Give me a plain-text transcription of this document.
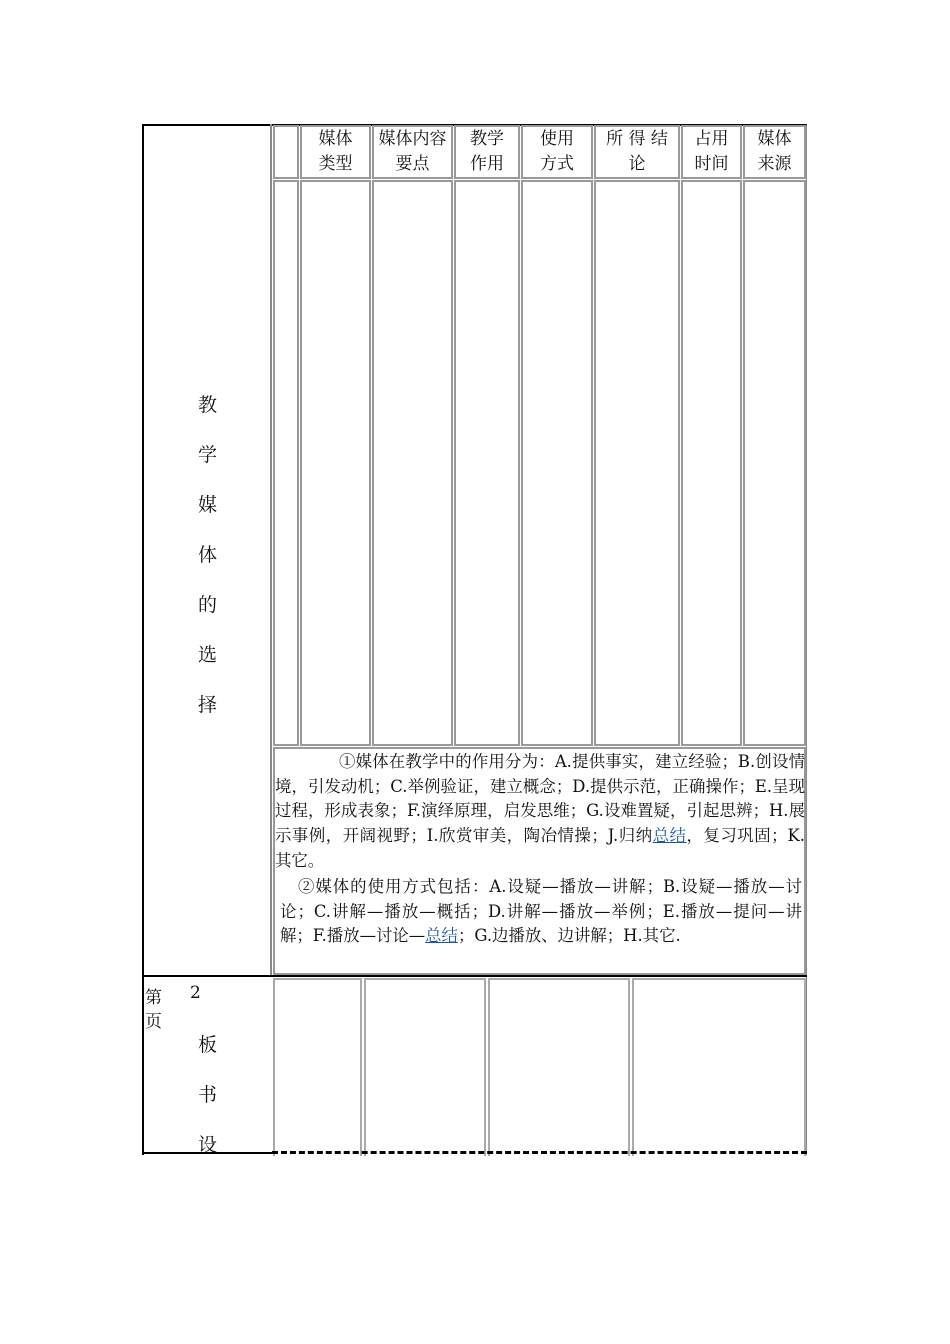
媒体
类型
媒体内容
要点
教学
作用
使用
方式
所 得 结
论
占用
时间
媒体
来源
教
学
媒
体
的
选
择
①媒体在教学中的作用分为：A.提供事实，建立经验；B.创设情境，引发动机；C.举例验证，建立概念；D.提供示范，正确操作；E.呈现过程，形成表象；F.演绎原理，启发思维；G.设难置疑，引起思辨；H.展示事例，开阔视野；I.欣赏审美，陶冶情操；J.归纳总结，复习巩固；K.其它。
②媒体的使用方式包括：A.设疑—播放—讲解；B.设疑—播放—讨论；C.讲解—播放—概括；D.讲解—播放—举例；E.播放—提问—讲解；F.播放—讨论—总结；G.边播放、边讲解；H.其它.
第 2
页
板
书
设
